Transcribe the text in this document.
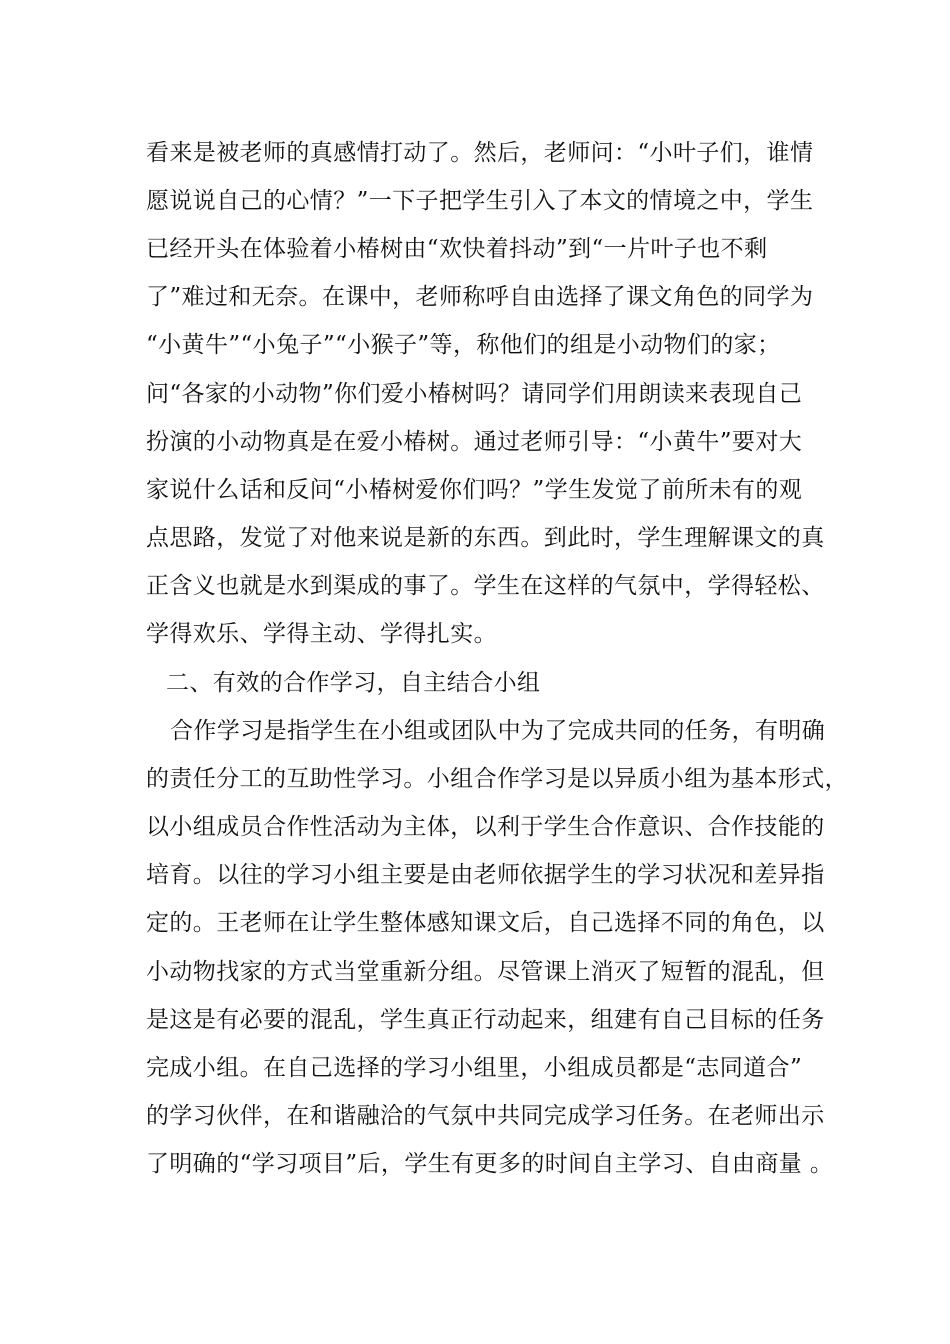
看来是被老师的真感情打动了。然后，老师问：“小叶子们，谁情
愿说说自己的心情？”一下子把学生引入了本文的情境之中，学生
已经开头在体验着小椿树由“欢快着抖动”到“一片叶子也不剩
了”难过和无奈。在课中，老师称呼自由选择了课文角色的同学为
“小黄牛”“小兔子”“小猴子”等，称他们的组是小动物们的家；
问“各家的小动物”你们爱小椿树吗？请同学们用朗读来表现自己
扮演的小动物真是在爱小椿树。通过老师引导：“小黄牛”要对大
家说什么话和反问“小椿树爱你们吗？”学生发觉了前所未有的观
点思路，发觉了对他来说是新的东西。到此时，学生理解课文的真
正含义也就是水到渠成的事了。学生在这样的气氛中，学得轻松、
学得欢乐、学得主动、学得扎实。
二、有效的合作学习，自主结合小组
合作学习是指学生在小组或团队中为了完成共同的任务，有明确
的责任分工的互助性学习。小组合作学习是以异质小组为基本形式，
以小组成员合作性活动为主体，以利于学生合作意识、合作技能的
培育。以往的学习小组主要是由老师依据学生的学习状况和差异指
定的。王老师在让学生整体感知课文后，自己选择不同的角色，以
小动物找家的方式当堂重新分组。尽管课上消灭了短暂的混乱，但
是这是有必要的混乱，学生真正行动起来，组建有自己目标的任务
完成小组。在自己选择的学习小组里，小组成员都是“志同道合”
的学习伙伴，在和谐融洽的气氛中共同完成学习任务。在老师出示
了明确的“学习项目”后，学生有更多的时间自主学习、自由商量 。
